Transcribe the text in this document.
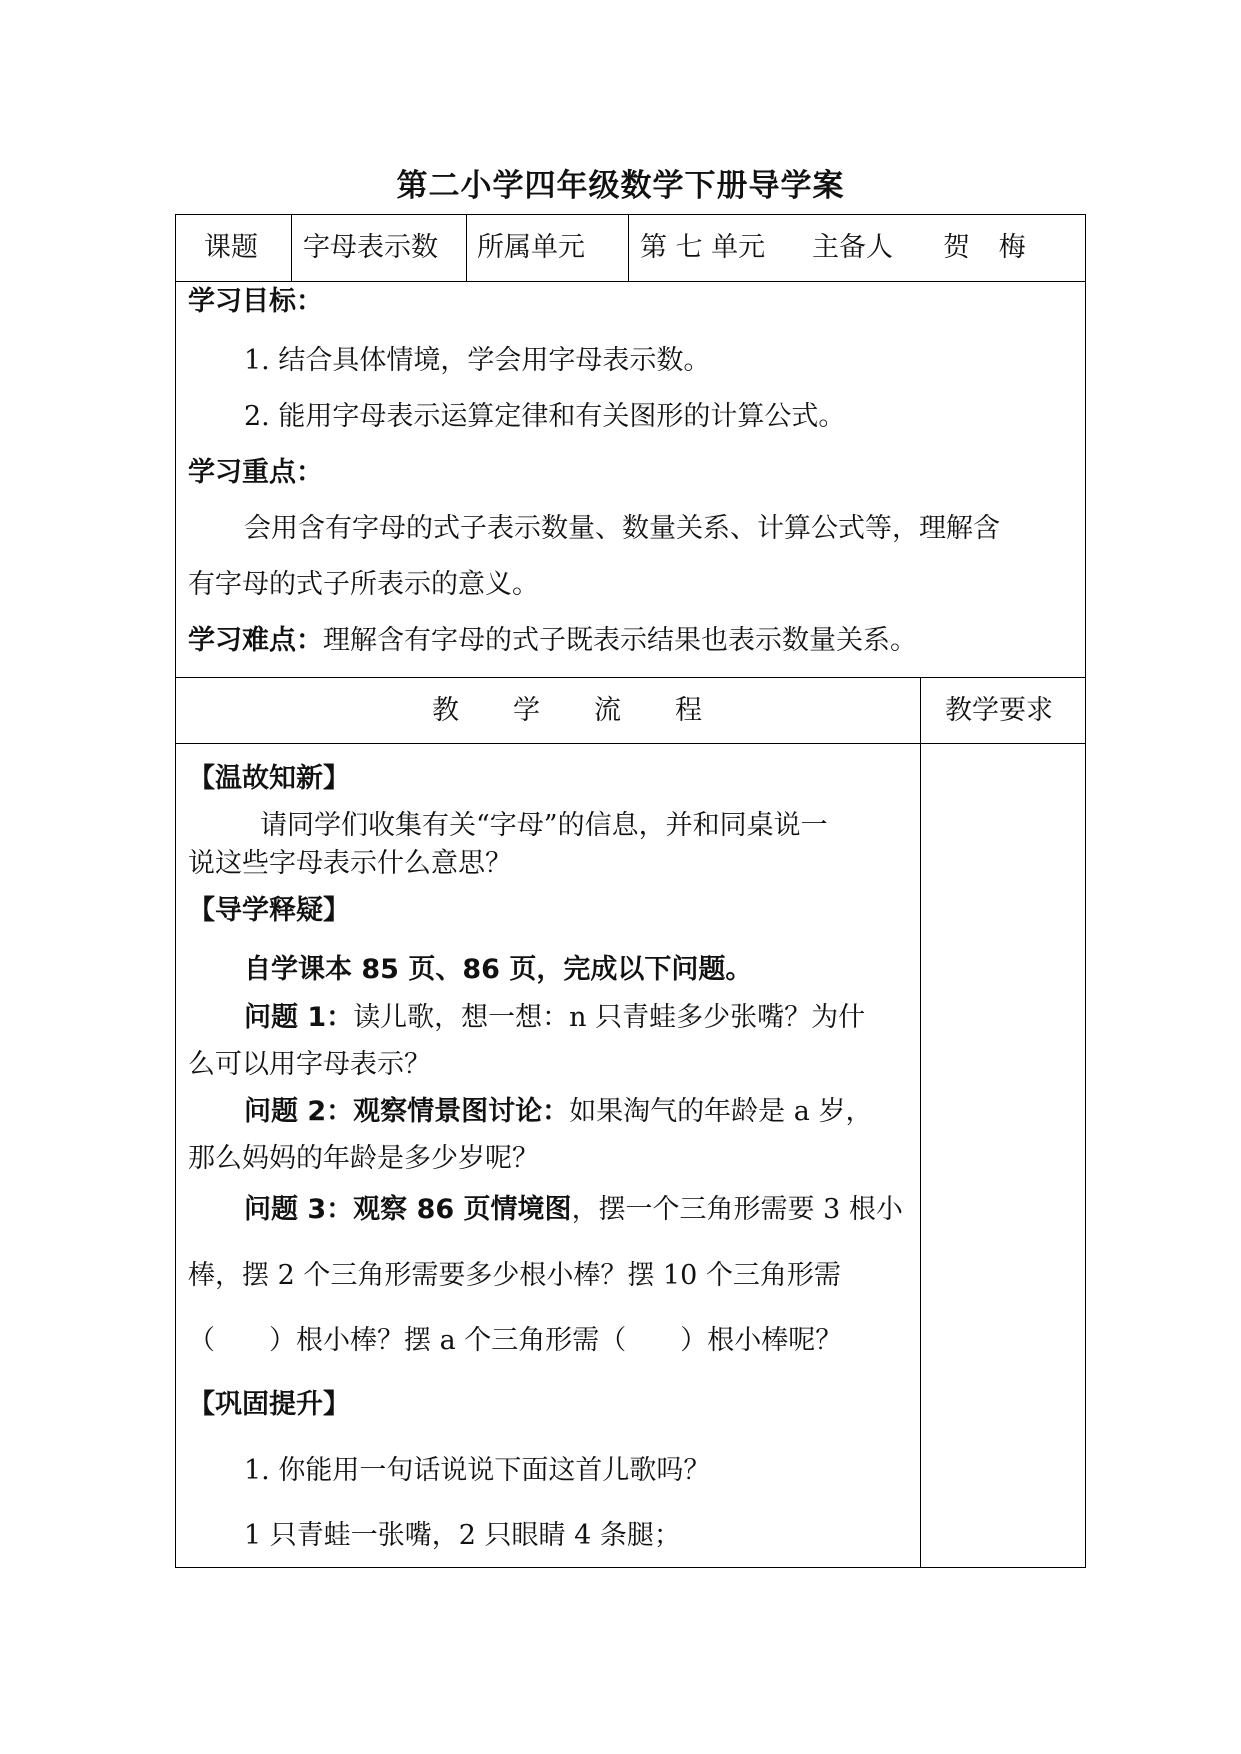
第二小学四年级数学下册导学案
课题 字母表示数 所属单元 第 七 单元 主备人 贺 梅
学习目标：
1. 结合具体情境，学会用字母表示数。
2. 能用字母表示运算定律和有关图形的计算公式。
学习重点：
会用含有字母的式子表示数量、数量关系、计算公式等，理解含
有字母的式子所表示的意义。
学习难点：理解含有字母的式子既表示结果也表示数量关系。
教　　学　　流　　程	教学要求
【温故知新】
请同学们收集有关“字母”的信息，并和同桌说一
说这些字母表示什么意思？
【导学释疑】
自学课本 85 页、86 页，完成以下问题。
问题 1：读儿歌，想一想：n 只青蛙多少张嘴？为什
么可以用字母表示？
问题 2：观察情景图讨论：如果淘气的年龄是 a 岁，
那么妈妈的年龄是多少岁呢？
问题 3：观察 86 页情境图，摆一个三角形需要 3 根小
棒，摆 2 个三角形需要多少根小棒？摆 10 个三角形需
（　　）根小棒？摆 a 个三角形需（　　）根小棒呢？
【巩固提升】
1. 你能用一句话说说下面这首儿歌吗？
1 只青蛙一张嘴，2 只眼睛 4 条腿；
